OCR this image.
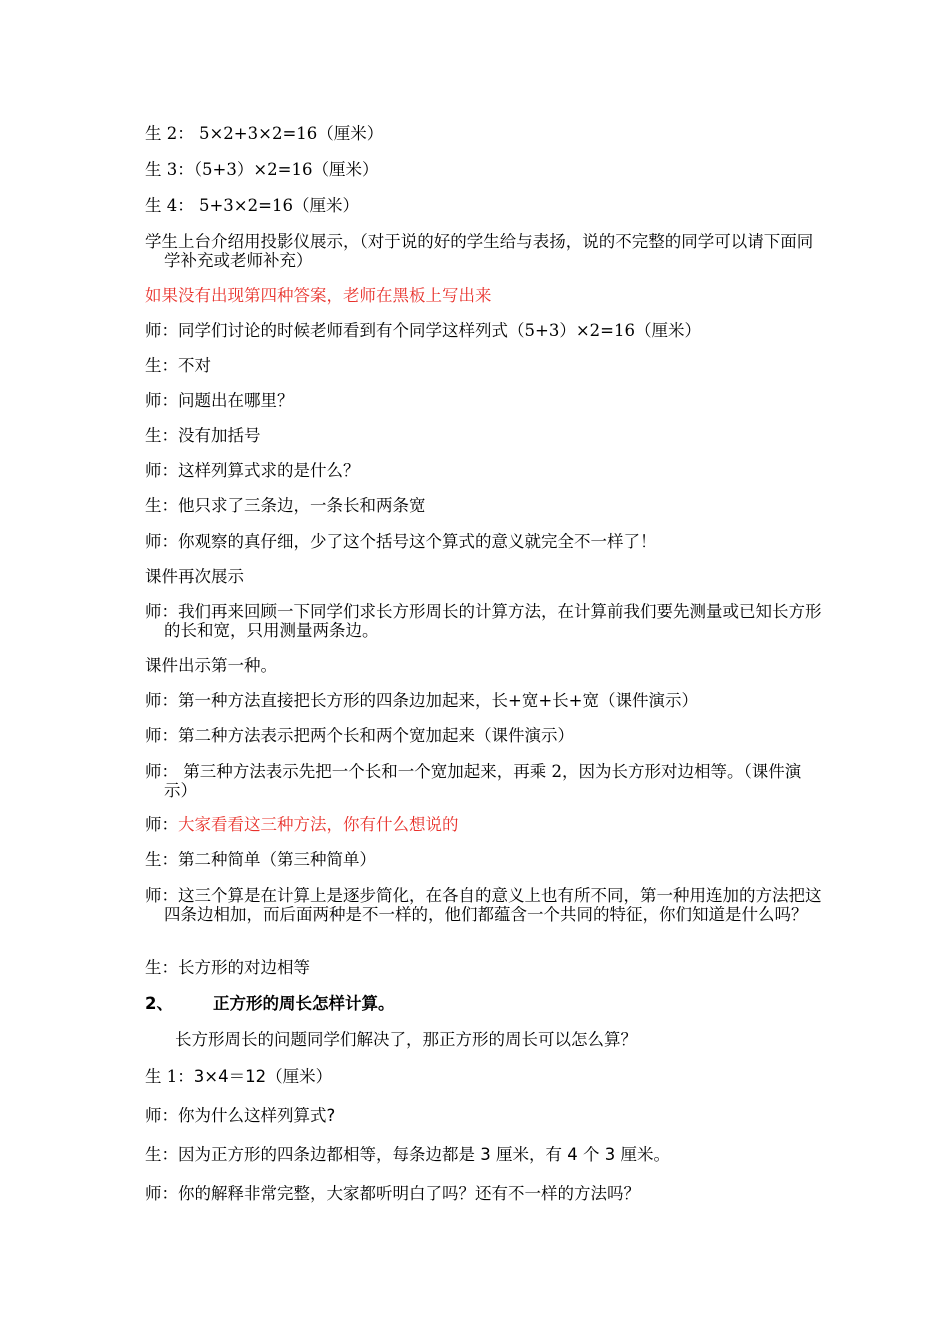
生 2： 5×2+3×2=16（厘米）
生 3：（5+3）×2=16（厘米）
生 4： 5+3×2=16（厘米）
学生上台介绍用投影仪展示，（对于说的好的学生给与表扬，说的不完整的同学可以请下面同学补充或老师补充）
如果没有出现第四种答案，老师在黑板上写出来
师：同学们讨论的时候老师看到有个同学这样列式（5+3）×2=16（厘米）
生：不对
师：问题出在哪里？
生：没有加括号
师：这样列算式求的是什么？
生：他只求了三条边，一条长和两条宽
师：你观察的真仔细，少了这个括号这个算式的意义就完全不一样了！
课件再次展示
师：我们再来回顾一下同学们求长方形周长的计算方法，在计算前我们要先测量或已知长方形的长和宽，只用测量两条边。
课件出示第一种。
师：第一种方法直接把长方形的四条边加起来，长+宽+长+宽（课件演示）
师：第二种方法表示把两个长和两个宽加起来（课件演示）
师： 第三种方法表示先把一个长和一个宽加起来，再乘 2，因为长方形对边相等。（课件演示）
师：大家看看这三种方法，你有什么想说的
生：第二种简单（第三种简单）
师：这三个算是在计算上是逐步简化，在各自的意义上也有所不同，第一种用连加的方法把这四条边相加，而后面两种是不一样的，他们都蕴含一个共同的特征，你们知道是什么吗？
生：长方形的对边相等
2、 正方形的周长怎样计算。
长方形周长的问题同学们解决了，那正方形的周长可以怎么算？
生 1：3×4＝12（厘米）
师：你为什么这样列算式?
生：因为正方形的四条边都相等，每条边都是 3 厘米，有 4 个 3 厘米。
师：你的解释非常完整，大家都听明白了吗？还有不一样的方法吗？
